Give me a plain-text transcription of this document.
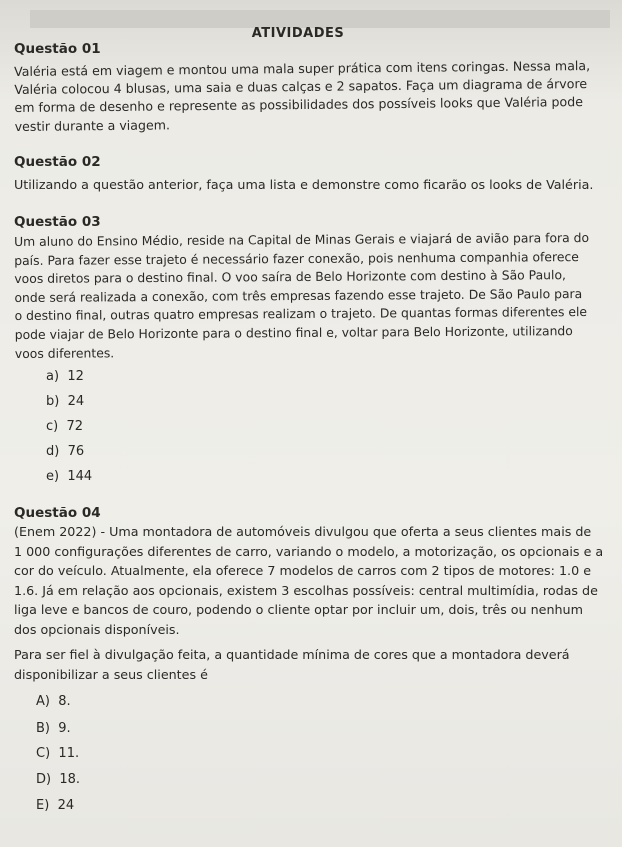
ATIVIDADES
Questão 01
Valéria está em viagem e montou uma mala super prática com itens coringas. Nessa mala,
Valéria colocou 4 blusas, uma saia e duas calças e 2 sapatos. Faça um diagrama de árvore
em forma de desenho e represente as possibilidades dos possíveis looks que Valéria pode
vestir durante a viagem.
Questão 02
Utilizando a questão anterior, faça uma lista e demonstre como ficarão os looks de Valéria.
Questão 03
Um aluno do Ensino Médio, reside na Capital de Minas Gerais e viajará de avião para fora do
país. Para fazer esse trajeto é necessário fazer conexão, pois nenhuma companhia oferece
voos diretos para o destino final. O voo saíra de Belo Horizonte com destino à São Paulo,
onde será realizada a conexão, com três empresas fazendo esse trajeto. De São Paulo para
o destino final, outras quatro empresas realizam o trajeto. De quantas formas diferentes ele
pode viajar de Belo Horizonte para o destino final e, voltar para Belo Horizonte, utilizando
voos diferentes.
a) 12
b) 24
c) 72
d) 76
e) 144
Questão 04
(Enem 2022) - Uma montadora de automóveis divulgou que oferta a seus clientes mais de
1 000 configurações diferentes de carro, variando o modelo, a motorização, os opcionais e a
cor do veículo. Atualmente, ela oferece 7 modelos de carros com 2 tipos de motores: 1.0 e
1.6. Já em relação aos opcionais, existem 3 escolhas possíveis: central multimídia, rodas de
liga leve e bancos de couro, podendo o cliente optar por incluir um, dois, três ou nenhum
dos opcionais disponíveis.
Para ser fiel à divulgação feita, a quantidade mínima de cores que a montadora deverá
disponibilizar a seus clientes é
A) 8.
B) 9.
C) 11.
D) 18.
E) 24
